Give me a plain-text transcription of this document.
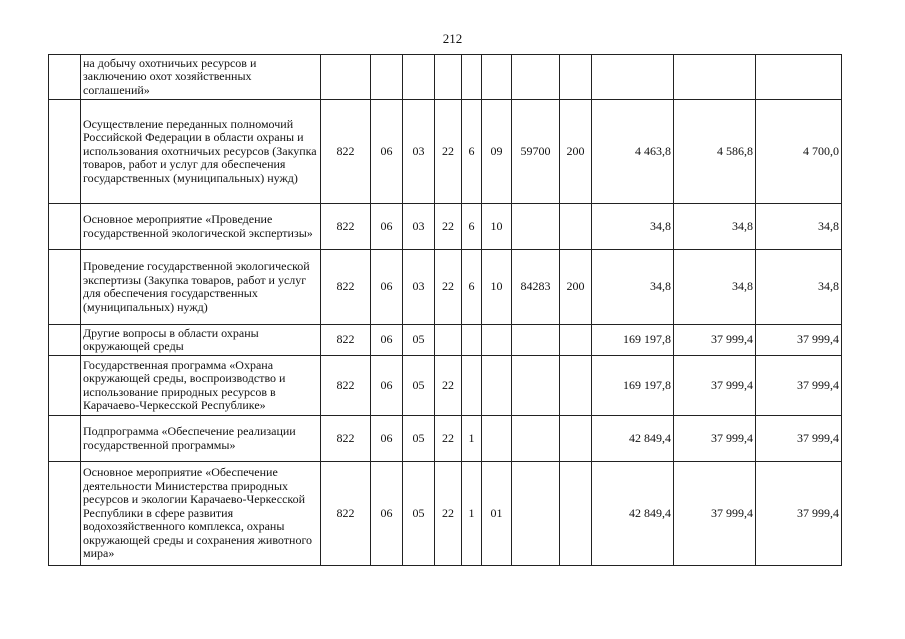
212
	на добычу охотничьих ресурсов и заключению охот хозяйственных соглашений»											
	Осуществление переданных полномочий Российской Федерации в области охраны и использования охотничьих ресурсов (Закупка товаров, работ и услуг для обеспечения государственных (муниципальных) нужд)	822	06	03	22	6	09	59700	200	4 463,8	4 586,8	4 700,0
	Основное мероприятие «Проведение государственной экологической экспертизы»	822	06	03	22	6	10			34,8	34,8	34,8
	Проведение государственной экологической экспертизы (Закупка товаров, работ и услуг для обеспечения государственных (муниципальных) нужд)	822	06	03	22	6	10	84283	200	34,8	34,8	34,8
	Другие вопросы в области охраны окружающей среды	822	06	05						169 197,8	37 999,4	37 999,4
	Государственная программа «Охрана окружающей среды, воспроизводство и использование природных ресурсов в Карачаево-Черкесской Республике»	822	06	05	22					169 197,8	37 999,4	37 999,4
	Подпрограмма «Обеспечение реализации государственной программы»	822	06	05	22	1				42 849,4	37 999,4	37 999,4
	Основное мероприятие «Обеспечение деятельности Министерства природных ресурсов и экологии Карачаево-Черкесской Республики в сфере развития водохозяйственного комплекса, охраны окружающей среды и сохранения животного мира»	822	06	05	22	1	01			42 849,4	37 999,4	37 999,4
